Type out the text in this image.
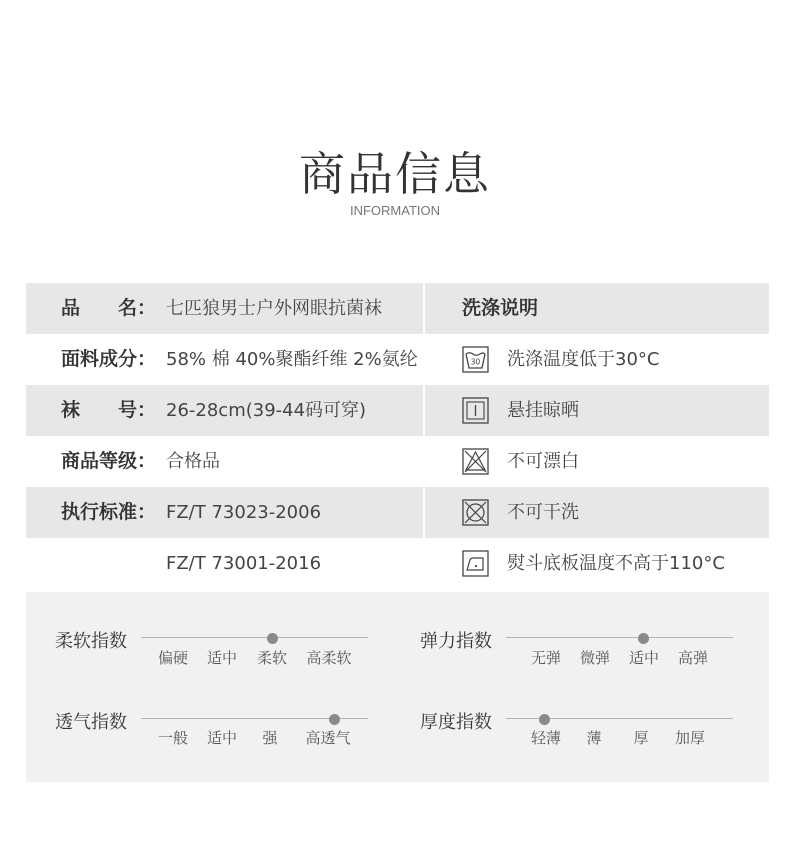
商品信息
INFORMATION
品　　名： 七匹狼男士户外网眼抗菌袜	洗涤说明
面料成分： 58% 棉 40%聚酯纤维 2%氨纶	30 洗涤温度低于30°C
袜　　号： 26-28cm(39-44码可穿)	悬挂晾晒
商品等级： 合格品	不可漂白
执行标准： FZ/T 73023-2006	不可干洗
FZ/T 73001-2016	熨斗底板温度不高于110°C
柔软指数
偏硬 适中 柔软 高柔软
弹力指数
无弹 微弹 适中 高弹
透气指数
一般 适中 强 高透气
厚度指数
轻薄 薄 厚 加厚
